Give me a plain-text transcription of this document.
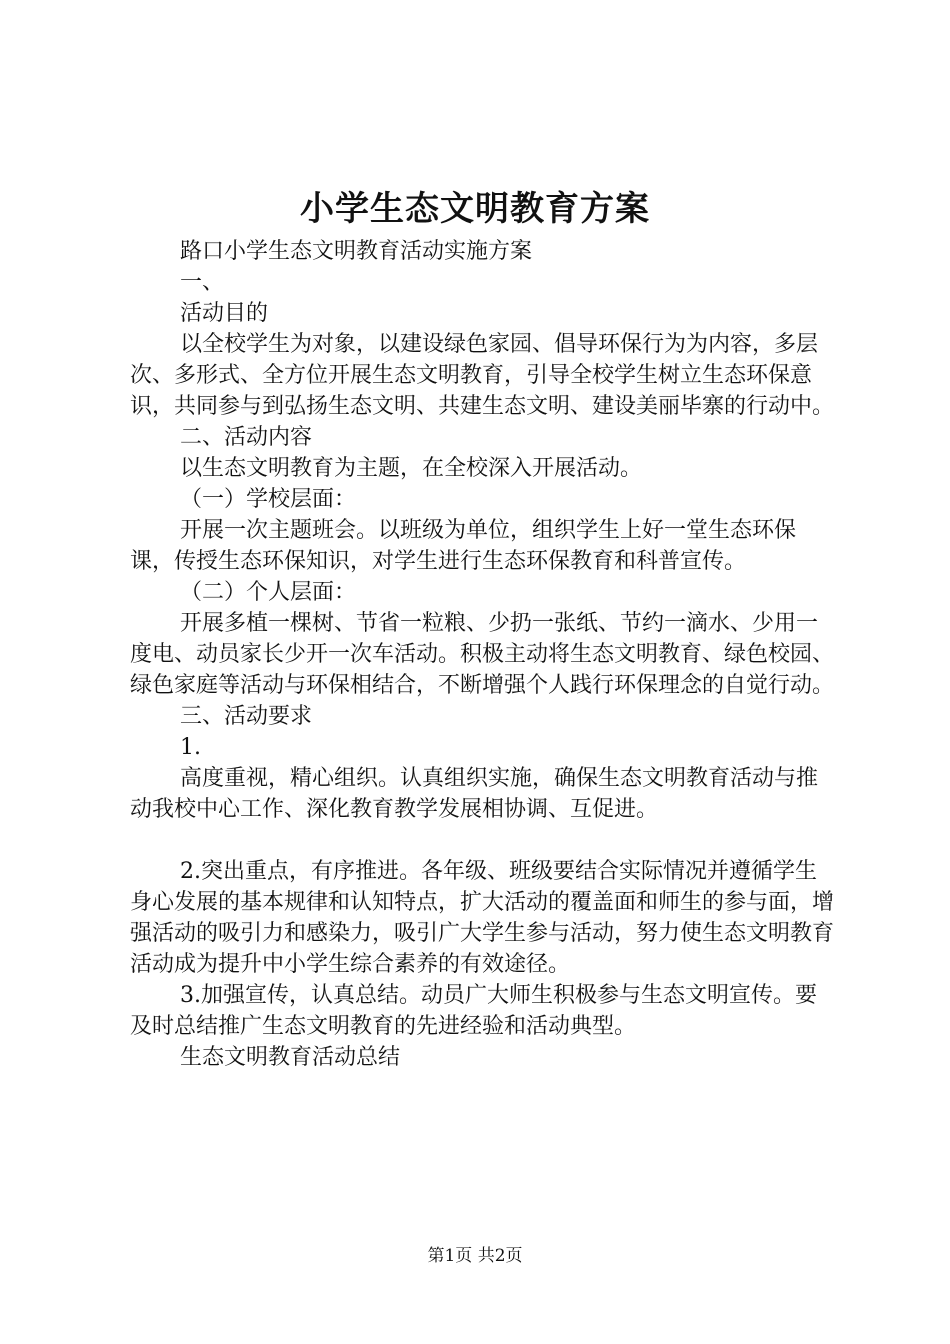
小学生态文明教育方案

路口小学生态文明教育活动实施方案

一、

活动目的

以全校学生为对象，以建设绿色家园、倡导环保行为为内容，多层次、多形式、全方位开展生态文明教育，引导全校学生树立生态环保意识，共同参与到弘扬生态文明、共建生态文明、建设美丽毕寨的行动中。

二、活动内容

以生态文明教育为主题，在全校深入开展活动。

（一）学校层面：

开展一次主题班会。以班级为单位，组织学生上好一堂生态环保课，传授生态环保知识，对学生进行生态环保教育和科普宣传。

（二）个人层面：

开展多植一棵树、节省一粒粮、少扔一张纸、节约一滴水、少用一度电、动员家长少开一次车活动。积极主动将生态文明教育、绿色校园、绿色家庭等活动与环保相结合，不断增强个人践行环保理念的自觉行动。

三、活动要求

1.

高度重视，精心组织。认真组织实施，确保生态文明教育活动与推动我校中心工作、深化教育教学发展相协调、互促进。

2.突出重点，有序推进。各年级、班级要结合实际情况并遵循学生身心发展的基本规律和认知特点，扩大活动的覆盖面和师生的参与面，增强活动的吸引力和感染力，吸引广大学生参与活动，努力使生态文明教育活动成为提升中小学生综合素养的有效途径。

3.加强宣传，认真总结。动员广大师生积极参与生态文明宣传。要及时总结推广生态文明教育的先进经验和活动典型。

生态文明教育活动总结

第1页 共2页
